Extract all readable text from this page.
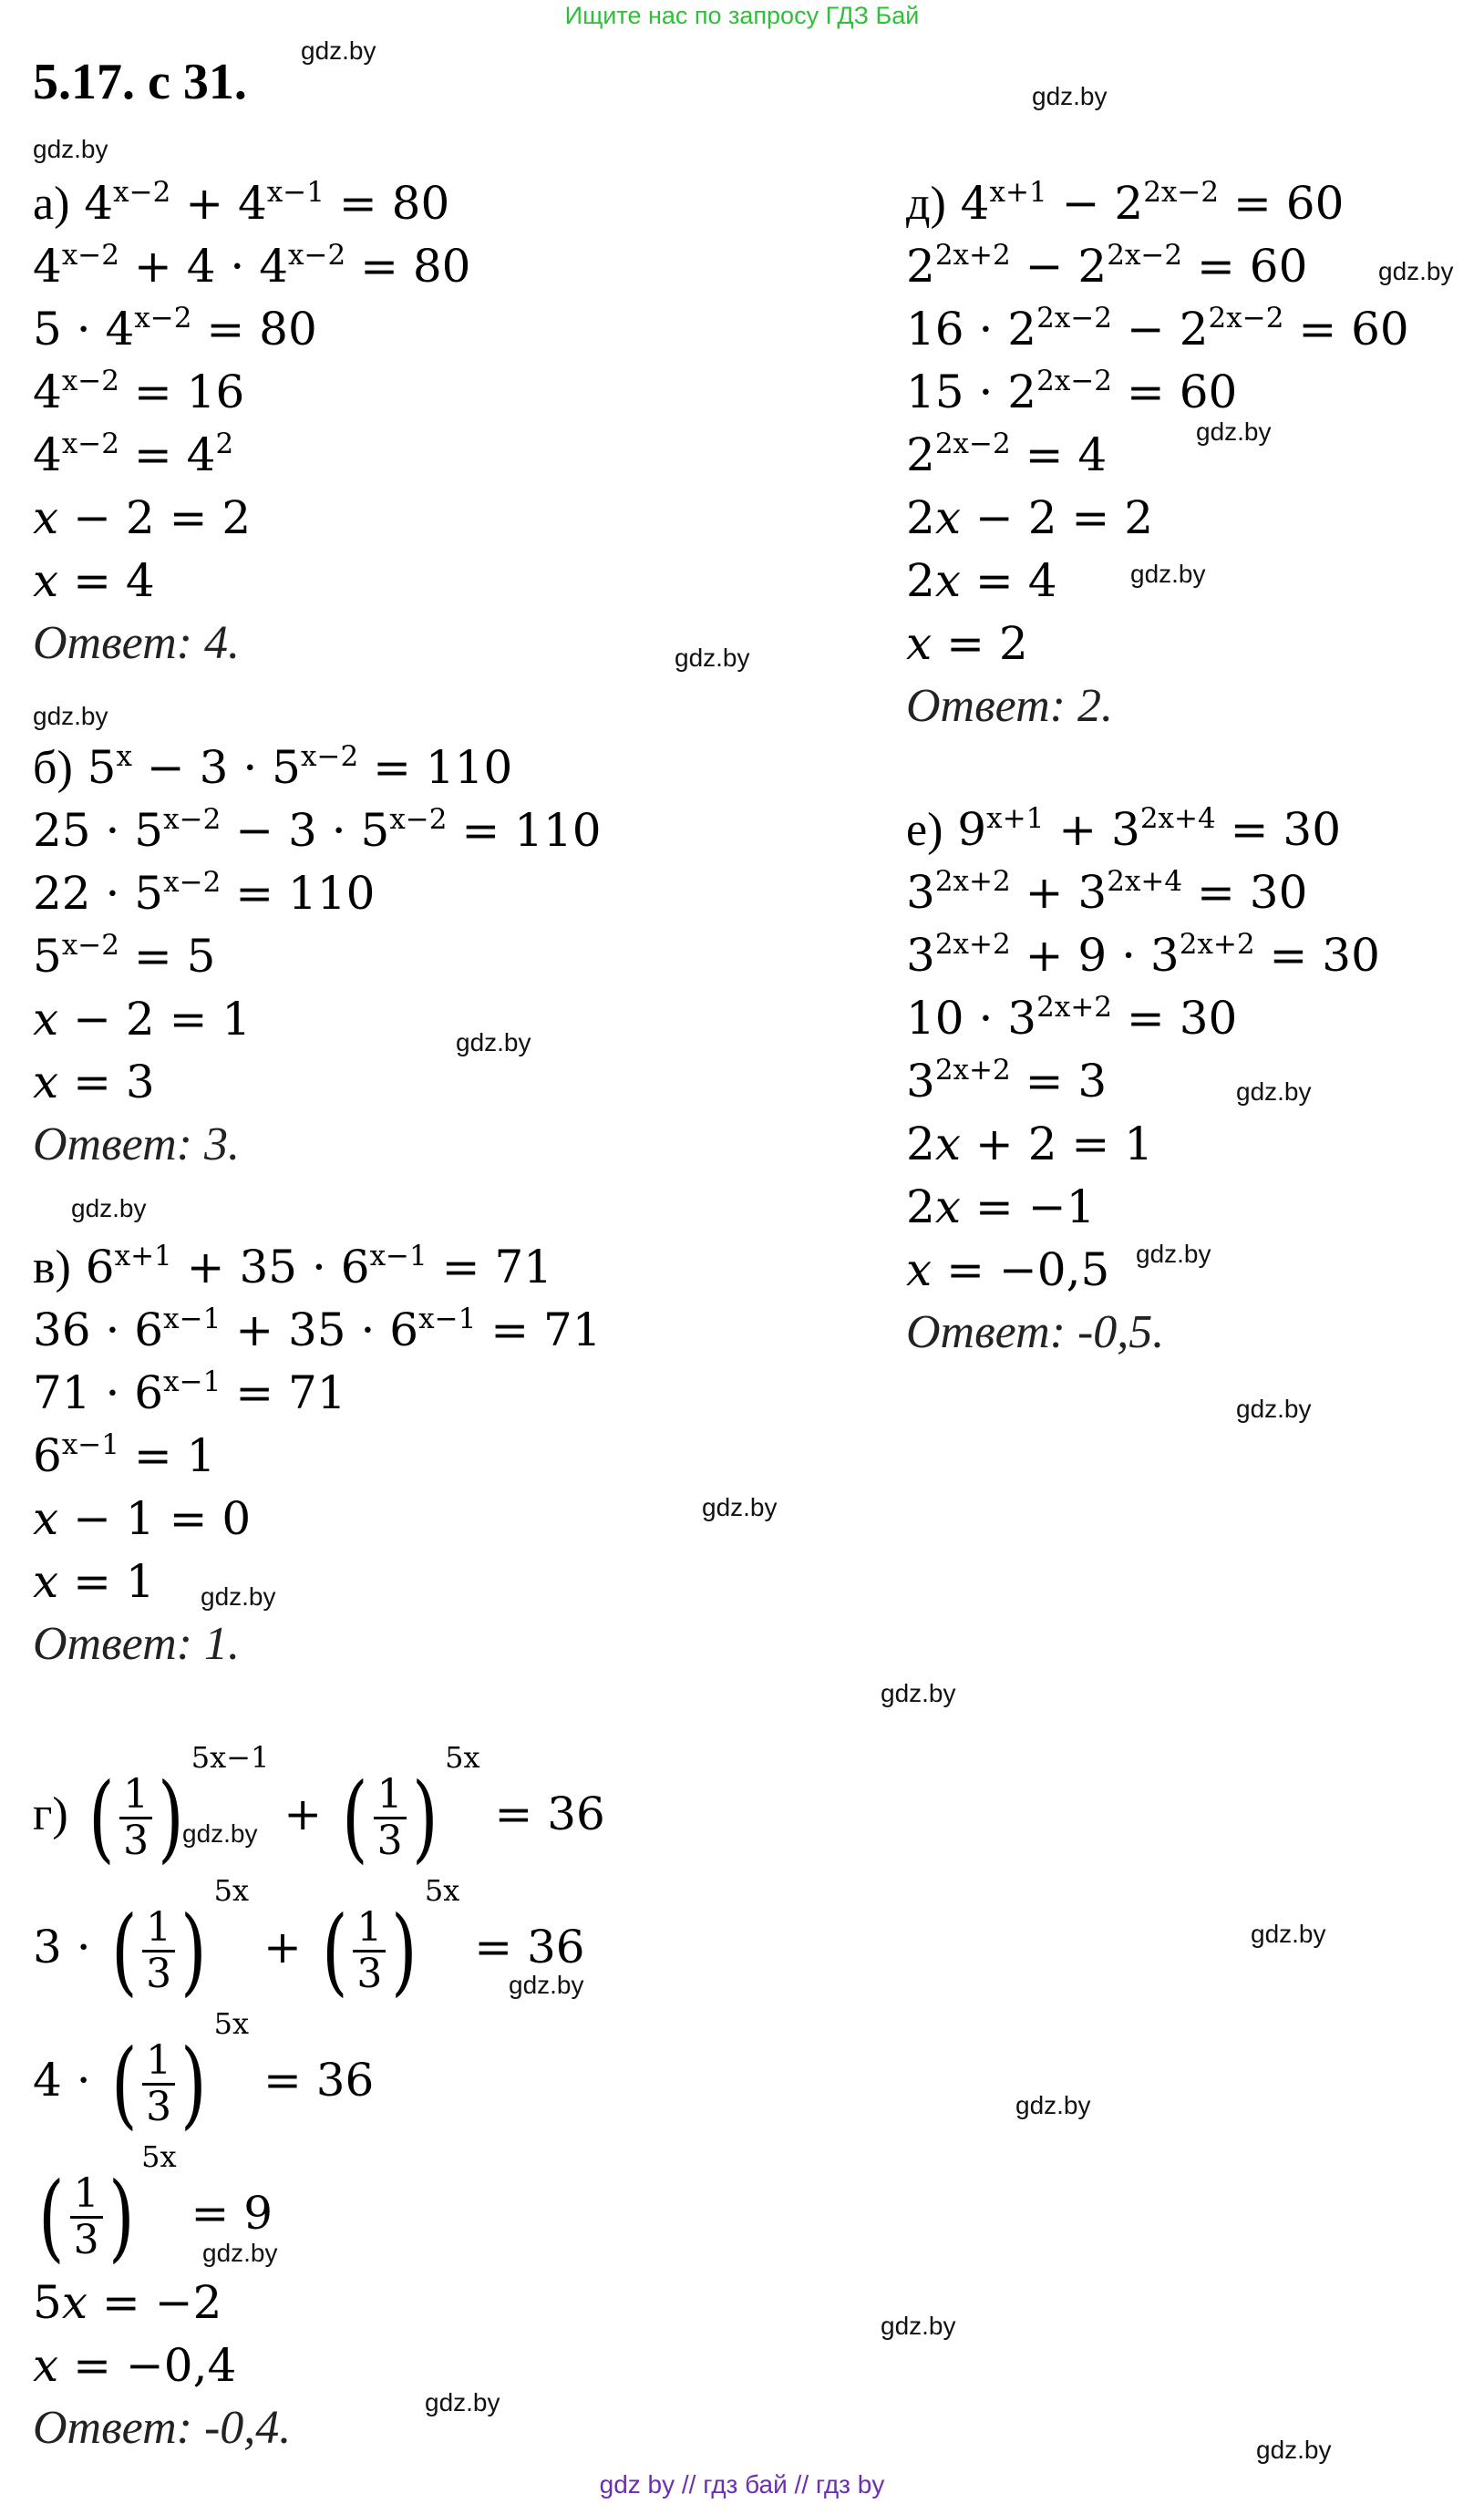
Ищите нас по запросу ГДЗ Бай
5.17. с 31.
gdz.by
gdz.by
gdz.by
gdz.by
gdz.by
gdz.by
gdz.by
gdz.by
gdz.by
gdz.by
gdz.by
gdz.by
gdz.by
gdz.by
gdz.by
gdz.by
gdz.by
gdz.by
gdz.by
gdz.by
gdz.by
gdz.by
gdz.by
gdz.by
а) $4^{x-2} + 4^{x-1} = 80$
$4^{x-2} + 4 \cdot 4^{x-2} = 80$
$5 \cdot 4^{x-2} = 80$
$4^{x-2} = 16$
$4^{x-2} = 4^2$
x − 2 = 2
x = 4
Ответ: 4.
б) $5^x - 3 \cdot 5^{x-2} = 110$
$25 \cdot 5^{x-2} - 3 \cdot 5^{x-2} = 110$
$22 \cdot 5^{x-2} = 110$
$5^{x-2} = 5$
x − 2 = 1
x = 3
Ответ: 3.
в) $6^{x+1} + 35 \cdot 6^{x-1} = 71$
$36 \cdot 6^{x-1} + 35 \cdot 6^{x-1} = 71$
$71 \cdot 6^{x-1} = 71$
$6^{x-1} = 1$
x − 1 = 0
x = 1
Ответ: 1.
г) ( $\frac{1}{3} )^{5x-1}$ + ( $\frac{1}{3} )^{5x} = 36$
3 · ( $\frac{1}{3} )^{5x}$ + ( $\frac{1}{3} )^{5x} = 36$
4 · ( $\frac{1}{3} )^{5x} = 36$
( $\frac{1}{3} )^{5x} = 9$
5x = −2
x = −0,4
Ответ: -0,4.
д) $4^{x+1} - 2^{2x-2} = 60$
$2^{2x+2} - 2^{2x-2} = 60$
$16 \cdot 2^{2x-2} - 2^{2x-2} = 60$
$15 \cdot 2^{2x-2} = 60$
$2^{2x-2} = 4$
2x − 2 = 2
2x = 4
x = 2
Ответ: 2.
е) $9^{x+1} + 3^{2x+4} = 30$
$3^{2x+2} + 3^{2x+4} = 30$
$3^{2x+2} + 9 \cdot 3^{2x+2} = 30$
$10 \cdot 3^{2x+2} = 30$
$3^{2x+2} = 3$
2x + 2 = 1
2x = −1
x = −0,5
Ответ: -0,5.
gdz by // гдз бай // гдз by
